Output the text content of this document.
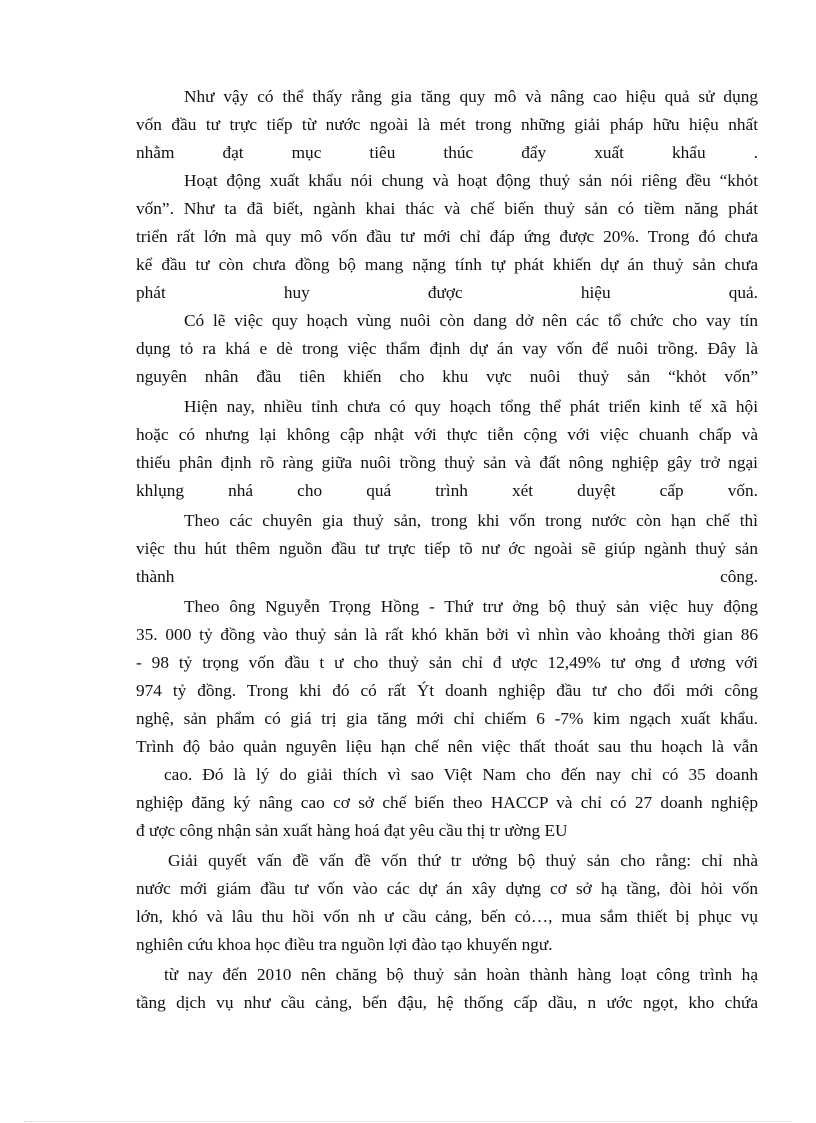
Như vậy có thể thấy rằng gia tăng quy mô và nâng cao hiệu quả sử dụng
vốn đầu tư trực tiếp từ nước ngoài là mét trong những giải pháp hữu hiệu nhất
nhằm đạt mục tiêu thúc đẩy xuất khẩu .
Hoạt động xuất khẩu nói chung và hoạt động thuỷ sản nói riêng đều “khỏt
vốn”. Như ta đã biết, ngành khai thác và chế biến thuỷ sản có tiềm năng phát
triển rất lớn mà quy mô vốn đầu tư mới chỉ đáp ứng được 20%. Trong đó chưa
kể đầu tư còn chưa đồng bộ mang nặng tính tự phát khiến dự án thuỷ sản chưa
phát huy được hiệu quả.
Có lẽ việc quy hoạch vùng nuôi còn dang dở nên các tổ chức cho vay tín
dụng tỏ ra khá e dè trong việc thẩm định dự án vay vốn để nuôi trồng. Đây là
nguyên nhân đầu tiên khiến cho khu vực nuôi thuỷ sản “khỏt vốn”
Hiện nay, nhiều tỉnh chưa có quy hoạch tổng thể phát triển kinh tế xã hội
hoặc có nhưng lại không cập nhật với thực tiễn cộng với việc chuanh chấp và
thiếu phân định rõ ràng giữa nuôi trồng thuỷ sản và đất nông nghiệp gây trở ngại
khlụng nhá cho quá trình xét duyệt cấp vốn.
Theo các chuyên gia thuỷ sản, trong khi vốn trong nước còn hạn chế thì
việc thu hút thêm nguồn đầu tư trực tiếp tõ nư ớc ngoài sẽ giúp ngành thuỷ sản
thành công.
Theo ông Nguyễn Trọng Hồng - Thứ trư ởng bộ thuỷ sản việc huy động
35. 000 tỷ đồng vào thuỷ sản là rất khó khăn bởi vì nhìn vào khoảng thời gian 86
- 98 tỷ trọng vốn đầu t ư cho thuỷ sản chỉ đ ược 12,49% tư ơng đ ương với
974 tỷ đồng. Trong khi đó có rất Ýt doanh nghiệp đầu tư cho đổi mới công
nghệ, sản phẩm có giá trị gia tăng mới chỉ chiếm 6 -7% kim ngạch xuất khẩu.
Trình độ bảo quản nguyên liệu hạn chế nên việc thất thoát sau thu hoạch là vẫn
cao. Đó là lý do giải thích vì sao Việt Nam cho đến nay chỉ có 35 doanh
nghiệp đăng ký nâng cao cơ sở chế biến theo HACCP và chỉ có 27 doanh nghiệp
đ ược công nhận sản xuất hàng hoá đạt yêu cầu thị tr ường EU
Giải quyết vấn đề vấn đề vốn thứ tr ưởng bộ thuỷ sản cho rằng: chỉ nhà
nước mới giám đầu tư vốn vào các dự án xây dựng cơ sở hạ tầng, đòi hỏi vốn
lớn, khó và lâu thu hồi vốn nh ư cầu cảng, bến cỏ…, mua sắm thiết bị phục vụ
nghiên cứu khoa học điều tra nguồn lợi đào tạo khuyến ngư.
từ nay đến 2010 nên chăng bộ thuỷ sản hoàn thành hàng loạt công trình hạ
tầng dịch vụ như cầu cảng, bến đậu, hệ thống cấp dầu, n ước ngọt, kho chứa
